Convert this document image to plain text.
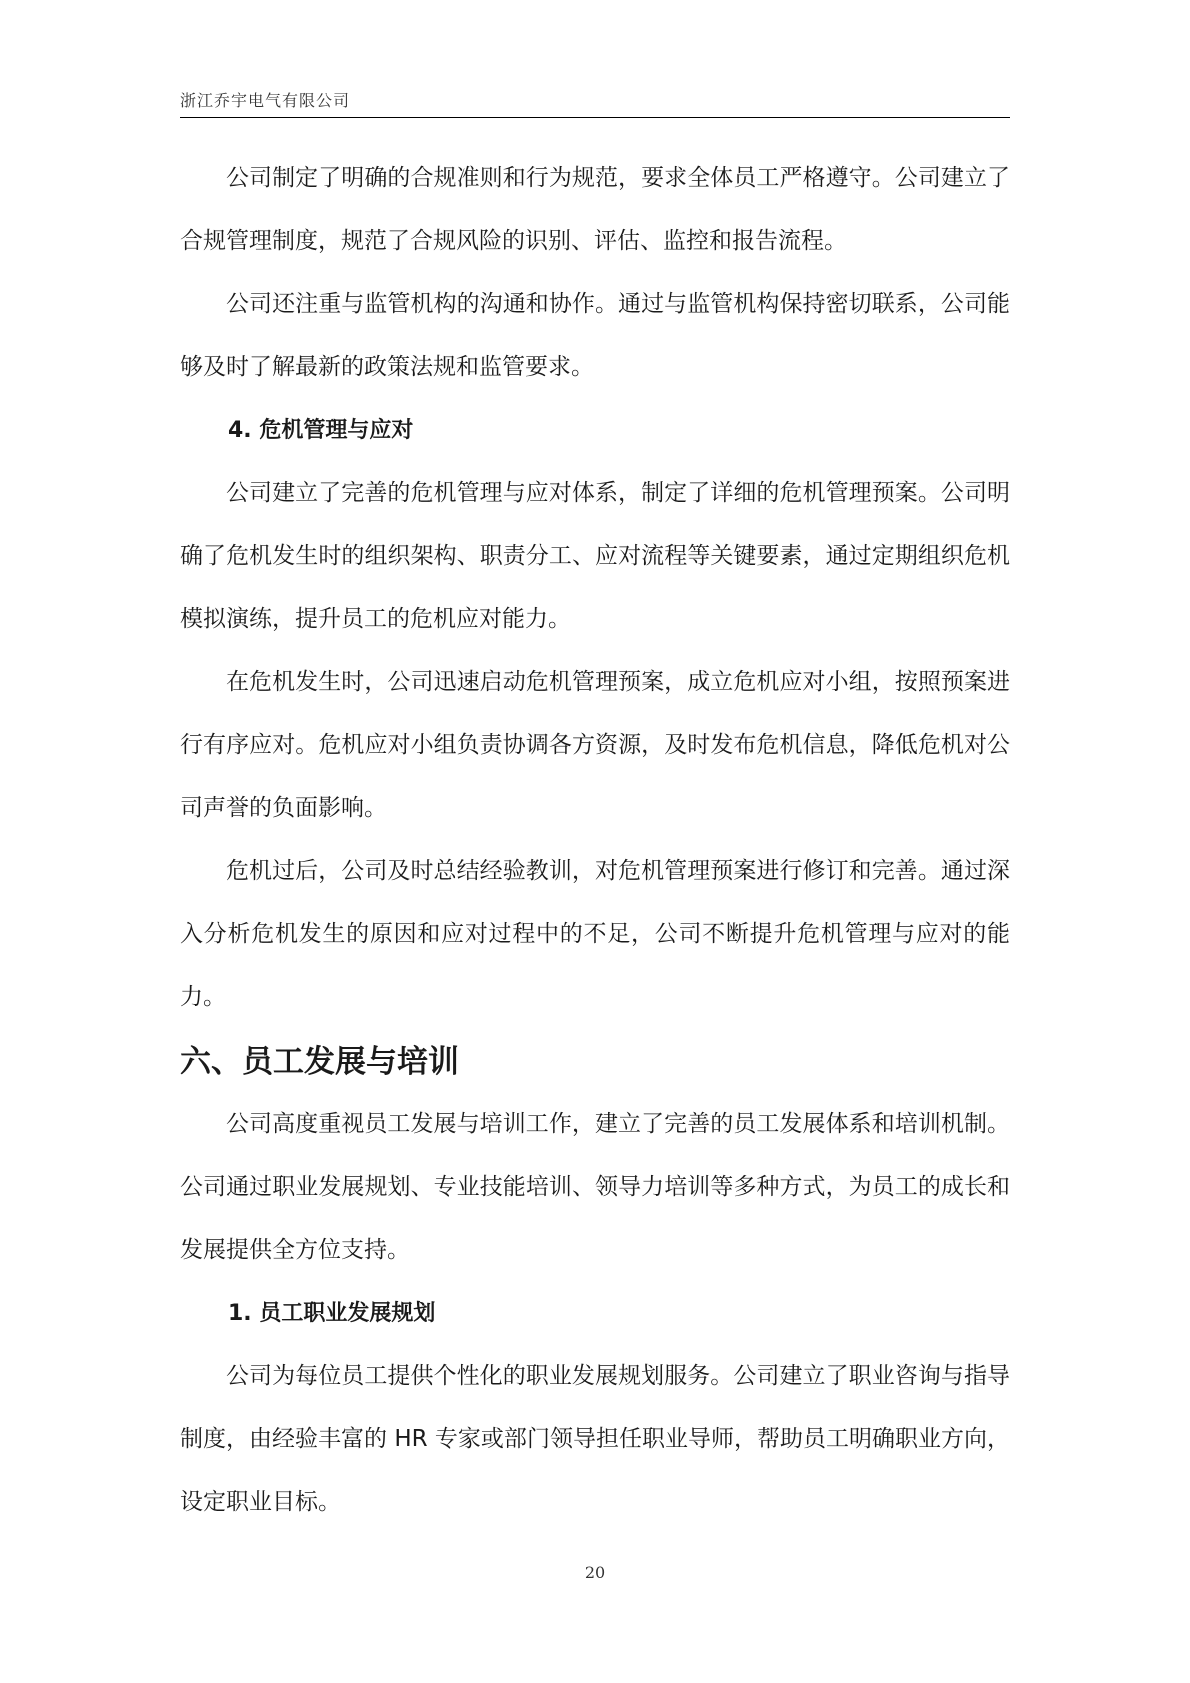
浙江乔宇电气有限公司

公司制定了明确的合规准则和行为规范，要求全体员工严格遵守。公司建立了合规管理制度，规范了合规风险的识别、评估、监控和报告流程。

公司还注重与监管机构的沟通和协作。通过与监管机构保持密切联系，公司能够及时了解最新的政策法规和监管要求。

4. 危机管理与应对

公司建立了完善的危机管理与应对体系，制定了详细的危机管理预案。公司明确了危机发生时的组织架构、职责分工、应对流程等关键要素，通过定期组织危机模拟演练，提升员工的危机应对能力。

在危机发生时，公司迅速启动危机管理预案，成立危机应对小组，按照预案进行有序应对。危机应对小组负责协调各方资源，及时发布危机信息，降低危机对公司声誉的负面影响。

危机过后，公司及时总结经验教训，对危机管理预案进行修订和完善。通过深入分析危机发生的原因和应对过程中的不足，公司不断提升危机管理与应对的能力。

六、员工发展与培训

公司高度重视员工发展与培训工作，建立了完善的员工发展体系和培训机制。公司通过职业发展规划、专业技能培训、领导力培训等多种方式，为员工的成长和发展提供全方位支持。

1. 员工职业发展规划

公司为每位员工提供个性化的职业发展规划服务。公司建立了职业咨询与指导制度，由经验丰富的 HR 专家或部门领导担任职业导师，帮助员工明确职业方向，设定职业目标。

20
